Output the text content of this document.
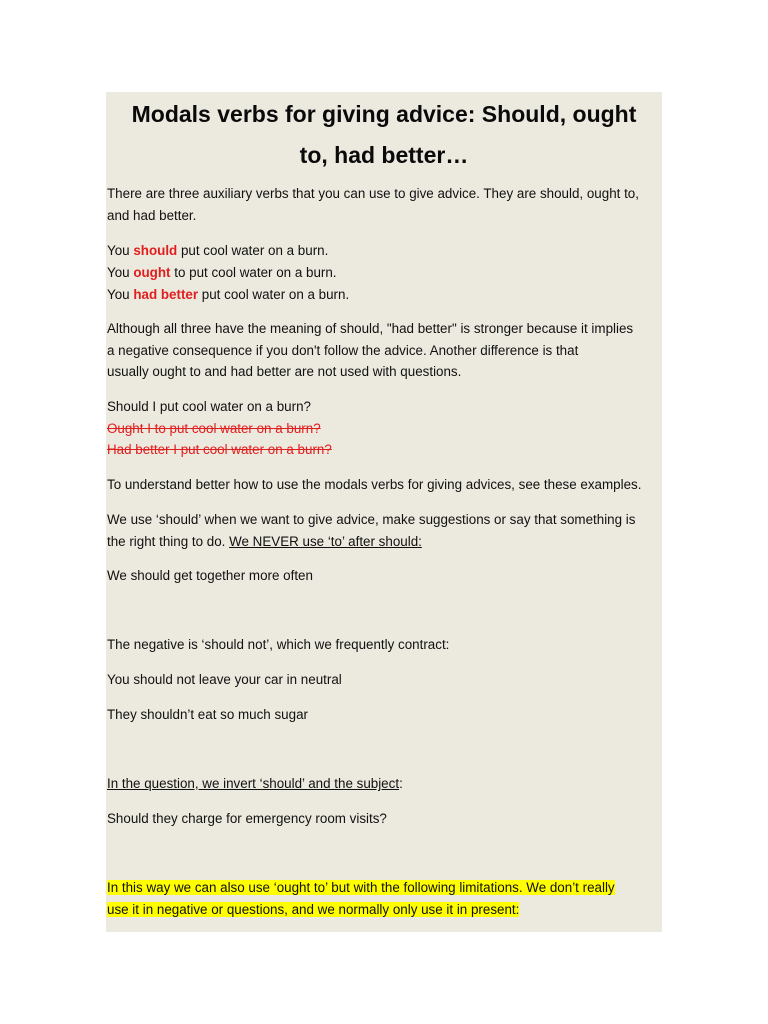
Modals verbs for giving advice: Should, ought
to, had better…
There are three auxiliary verbs that you can use to give advice. They are should, ought to,
and had better.
You should put cool water on a burn.
You ought to put cool water on a burn.
You had better put cool water on a burn.
Although all three have the meaning of should, "had better" is stronger because it implies
a negative consequence if you don't follow the advice. Another difference is that
usually ought to and had better are not used with questions.
Should I put cool water on a burn?
Ought I to put cool water on a burn?
Had better I put cool water on a burn?
To understand better how to use the modals verbs for giving advices, see these examples.
We use ‘should’ when we want to give advice, make suggestions or say that something is
the right thing to do. We NEVER use ‘to’ after should:
We should get together more often
The negative is ‘should not’, which we frequently contract:
You should not leave your car in neutral
They shouldn’t eat so much sugar
In the question, we invert ‘should’ and the subject:
Should they charge for emergency room visits?
In this way we can also use ‘ought to’ but with the following limitations. We don’t really
use it in negative or questions, and we normally only use it in present:
